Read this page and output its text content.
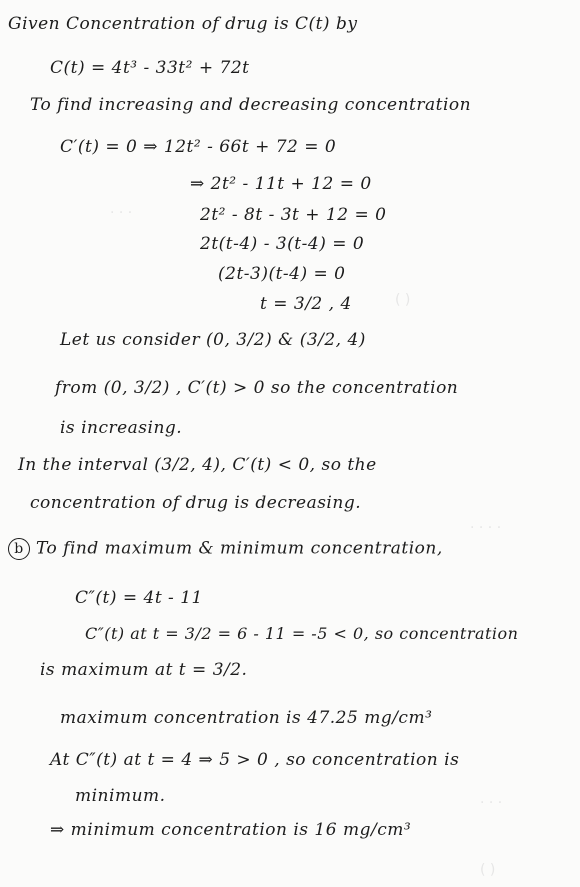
· · ·
( )
· · · ·
· · ·
( )
Given Concentration of drug is C(t) by
C(t) = 4t³ - 33t² + 72t
To find increasing and decreasing concentration
C′(t) = 0 ⇒ 12t² - 66t + 72 = 0
⇒ 2t² - 11t + 12 = 0
2t² - 8t - 3t + 12 = 0
2t(t-4) - 3(t-4) = 0
(2t-3)(t-4) = 0
t = 3/2 , 4
Let us consider (0, 3/2) & (3/2, 4)
from (0, 3/2) , C′(t) > 0 so the concentration
is increasing.
In the interval (3/2, 4), C′(t) < 0, so the
concentration of drug is decreasing.
b To find maximum & minimum concentration,
C″(t) = 4t - 11
C″(t) at t = 3/2 = 6 - 11 = -5 < 0, so concentration
is maximum at t = 3/2.
maximum concentration is 47.25 mg/cm³
At C″(t) at t = 4 ⇒ 5 > 0 , so concentration is
minimum.
⇒ minimum concentration is 16 mg/cm³
